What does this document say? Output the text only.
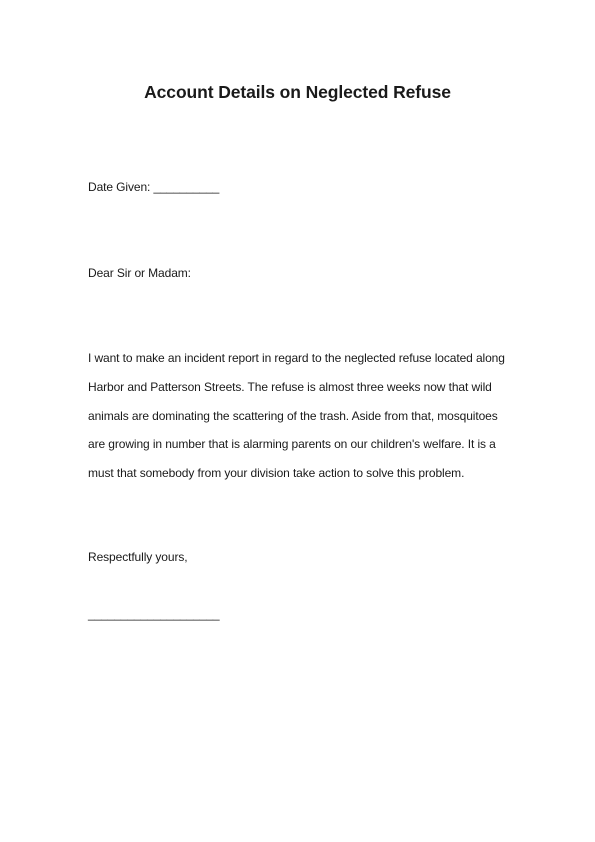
Account Details on Neglected Refuse
Date Given: __________
Dear Sir or Madam:
I want to make an incident report in regard to the neglected refuse located along
Harbor and Patterson Streets. The refuse is almost three weeks now that wild
animals are dominating the scattering of the trash. Aside from that, mosquitoes
are growing in number that is alarming parents on our children's welfare. It is a
must that somebody from your division take action to solve this problem.
Respectfully yours,
____________________
